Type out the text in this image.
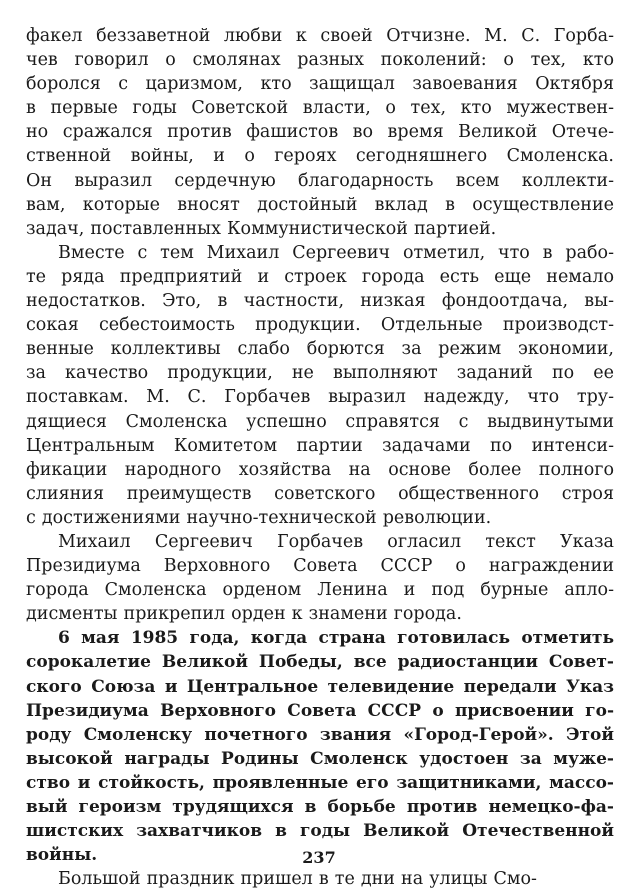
факел беззаветной любви к своей Отчизне. М. С. Горба-
чев говорил о смолянах разных поколений: о тех, кто
боролся с царизмом, кто защищал завоевания Октября
в первые годы Советской власти, о тех, кто мужествен-
но сражался против фашистов во время Великой Отече-
ственной войны, и о героях сегодняшнего Смоленска.
Он выразил сердечную благодарность всем коллекти-
вам, которые вносят достойный вклад в осуществление
задач, поставленных Коммунистической партией.
Вместе с тем Михаил Сергеевич отметил, что в рабо-
те ряда предприятий и строек города есть еще немало
недостатков. Это, в частности, низкая фондоотдача, вы-
сокая себестоимость продукции. Отдельные производст-
венные коллективы слабо борются за режим экономии,
за качество продукции, не выполняют заданий по ее
поставкам. М. С. Горбачев выразил надежду, что тру-
дящиеся Смоленска успешно справятся с выдвинутыми
Центральным Комитетом партии задачами по интенси-
фикации народного хозяйства на основе более полного
слияния преимуществ советского общественного строя
с достижениями научно-технической революции.
Михаил Сергеевич Горбачев огласил текст Указа
Президиума Верховного Совета СССР о награждении
города Смоленска орденом Ленина и под бурные апло-
дисменты прикрепил орден к знамени города.
6 мая 1985 года, когда страна готовилась отметить
сорокалетие Великой Победы, все радиостанции Совет-
ского Союза и Центральное телевидение передали Указ
Президиума Верховного Совета СССР о присвоении го-
роду Смоленску почетного звания «Город-Герой». Этой
высокой награды Родины Смоленск удостоен за муже-
ство и стойкость, проявленные его защитниками, массо-
вый героизм трудящихся в борьбе против немецко-фа-
шистских захватчиков в годы Великой Отечественной
войны.
Большой праздник пришел в те дни на улицы Смо-
237
